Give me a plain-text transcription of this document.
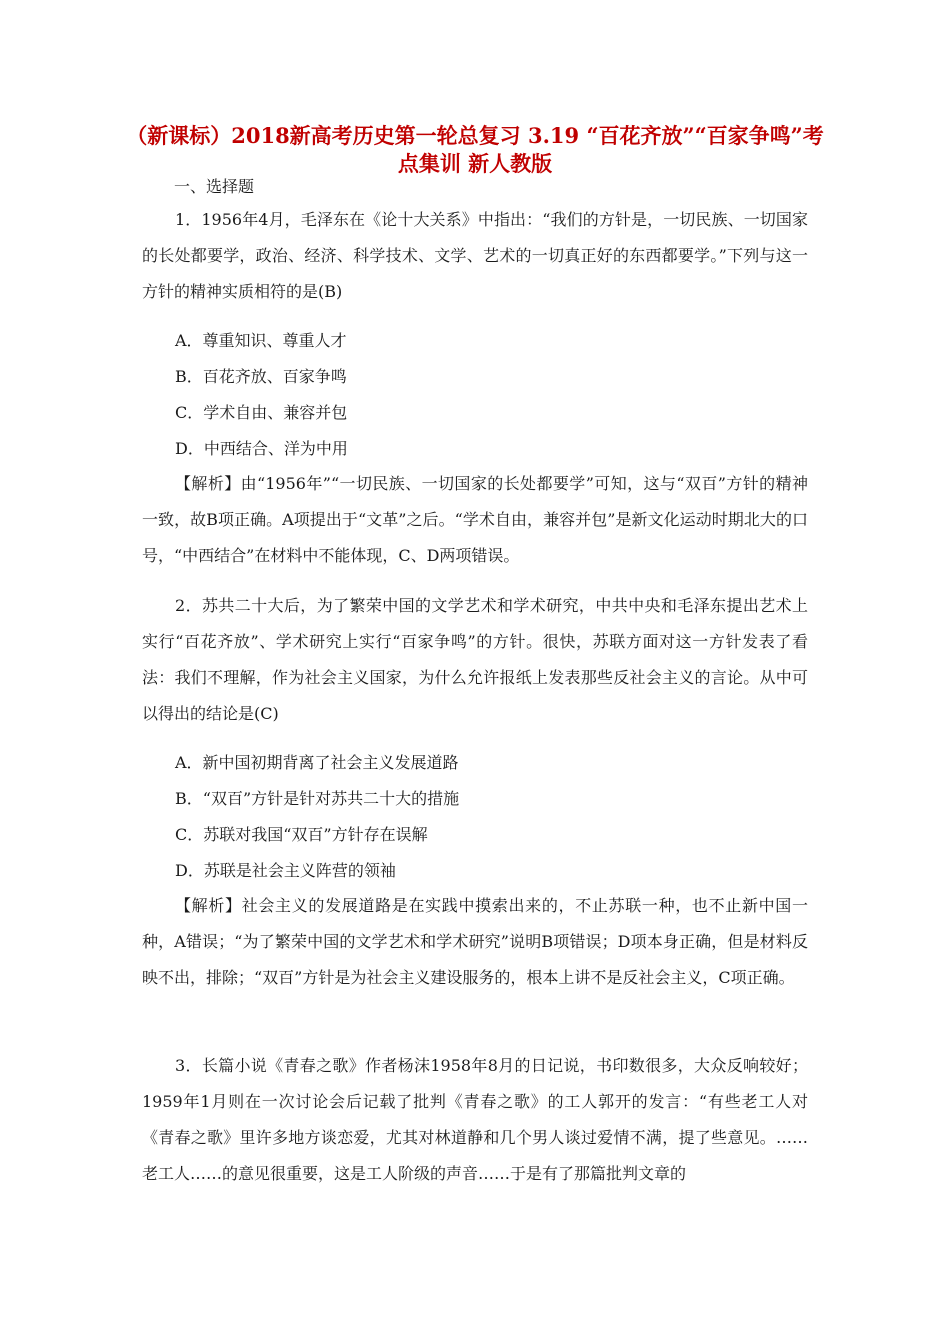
（新课标）2018新高考历史第一轮总复习 3.19 “百花齐放”“百家争鸣”考点集训 新人教版
一、选择题

1．1956年4月，毛泽东在《论十大关系》中指出：“我们的方针是，一切民族、一切国家的长处都要学，政治、经济、科学技术、文学、艺术的一切真正好的东西都要学。”下列与这一方针的精神实质相符的是(B)

A．尊重知识、尊重人才
B．百花齐放、百家争鸣
C．学术自由、兼容并包
D．中西结合、洋为中用

【解析】由“1956年”“一切民族、一切国家的长处都要学”可知，这与“双百”方针的精神一致，故B项正确。A项提出于“文革”之后。“学术自由，兼容并包”是新文化运动时期北大的口号，“中西结合”在材料中不能体现，C、D两项错误。

2．苏共二十大后，为了繁荣中国的文学艺术和学术研究，中共中央和毛泽东提出艺术上实行“百花齐放”、学术研究上实行“百家争鸣”的方针。很快，苏联方面对这一方针发表了看法：我们不理解，作为社会主义国家，为什么允许报纸上发表那些反社会主义的言论。从中可以得出的结论是(C)

A．新中国初期背离了社会主义发展道路
B．“双百”方针是针对苏共二十大的措施
C．苏联对我国“双百”方针存在误解
D．苏联是社会主义阵营的领袖

【解析】社会主义的发展道路是在实践中摸索出来的，不止苏联一种，也不止新中国一种，A错误；“为了繁荣中国的文学艺术和学术研究”说明B项错误；D项本身正确，但是材料反映不出，排除；“双百”方针是为社会主义建设服务的，根本上讲不是反社会主义，C项正确。

3．长篇小说《青春之歌》作者杨沫1958年8月的日记说，书印数很多，大众反响较好；1959年1月则在一次讨论会后记载了批判《青春之歌》的工人郭开的发言：“有些老工人对《青春之歌》里许多地方谈恋爱，尤其对林道静和几个男人谈过爱情不满，提了些意见。……老工人……的意见很重要，这是工人阶级的声音……于是有了那篇批判文章的
